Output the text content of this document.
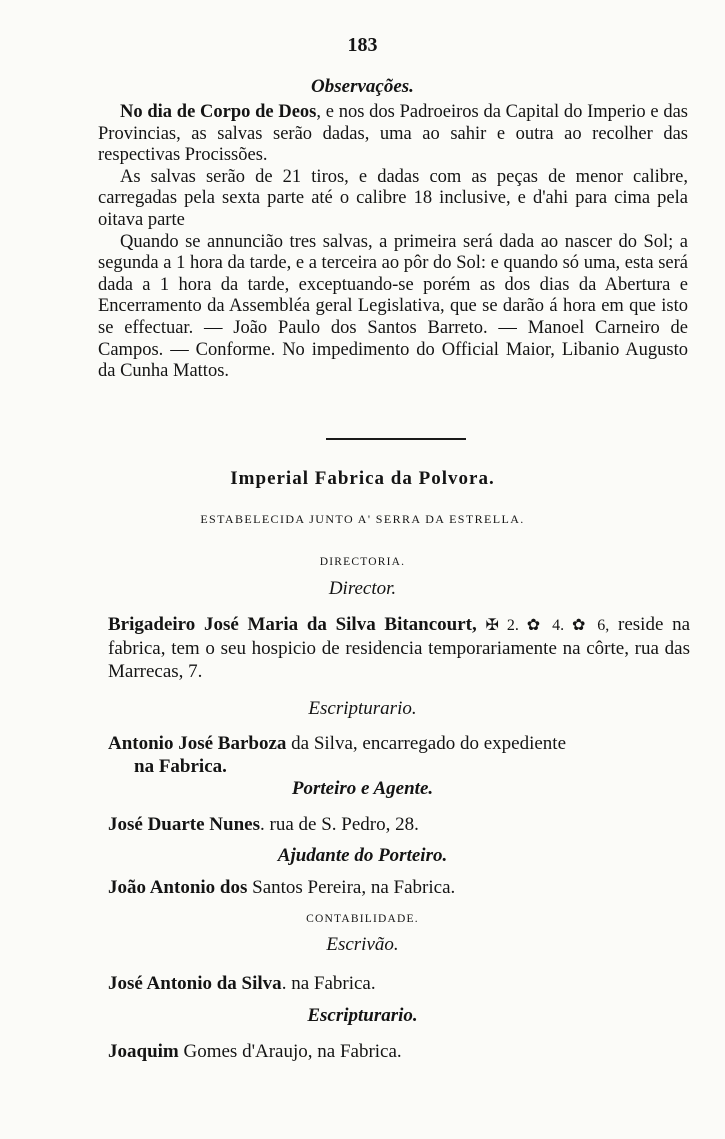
183
Observações.

No dia de Corpo de Deos, e nos dos Padroeiros da Capital do Imperio e das Provincias, as salvas serão dadas, uma ao sahir e outra ao recolher das respectivas Procissões.

As salvas serão de 21 tiros, e dadas com as peças de menor calibre, carregadas pela sexta parte até o calibre 18 inclusive, e d'ahi para cima pela oitava parte

Quando se annuncião tres salvas, a primeira será dada ao nascer do Sol; a segunda a 1 hora da tarde, e a terceira ao pôr do Sol: e quando só uma, esta será dada a 1 hora da tarde, exceptuando-se porém as dos dias da Abertura e Encerramento da Assembléa geral Legislativa, que se darão á hora em que isto se effectuar. — João Paulo dos Santos Barreto. — Manoel Carneiro de Campos. — Conforme. No impedimento do Official Maior, Libanio Augusto da Cunha Mattos.

Imperial Fabrica da Polvora.
ESTABELECIDA JUNTO A' SERRA DA ESTRELLA.
DIRECTORIA.
Director.
Brigadeiro José Maria da Silva Bitancourt, ✠ 2. ✿ 4. ✿ 6, reside na fabrica, tem o seu hospicio de residencia temporariamente na côrte, rua das Marrecas, 7.
Escripturario.
Antonio José Barboza da Silva, encarregado do expediente
na Fabrica.
Porteiro e Agente.
José Duarte Nunes. rua de S. Pedro, 28.
Ajudante do Porteiro.
João Antonio dos Santos Pereira, na Fabrica.
CONTABILIDADE.
Escrivão.
José Antonio da Silva. na Fabrica.
Escripturario.
Joaquim Gomes d'Araujo, na Fabrica.
